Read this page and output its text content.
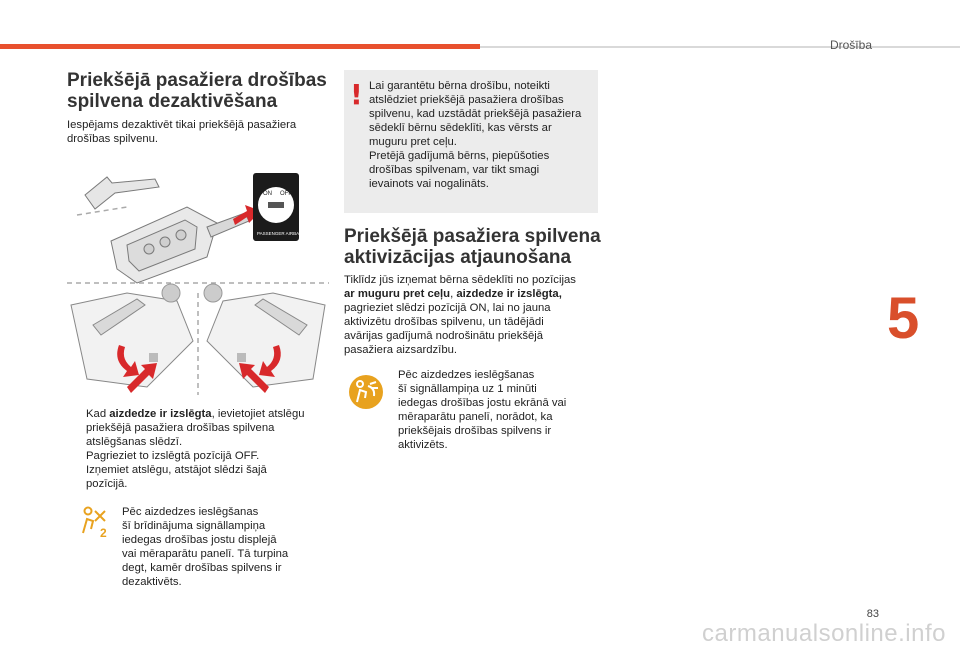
Drošība
5
83
carmanualsonline.info
Priekšējā pasažiera drošības
spilvena dezaktivēšana

Iespējams dezaktivēt tikai priekšējā pasažiera
drošības spilvenu.

ON OFF
PASSENGER AIRBAG
Kad aizdedze ir izslēgta, ievietojiet atslēgu
priekšējā pasažiera drošības spilvena
atslēgšanas slēdzī.
Pagrieziet to izslēgtā pozīcijā OFF.
Izņemiet atslēgu, atstājot slēdzi šajā
pozīcijā.
2

Pēc aizdedzes ieslēgšanas
šī brīdinājuma signāllampiņa
iedegas drošības jostu displejā
vai mēraparātu panelī. Tā turpina
degt, kamēr drošības spilvens ir
dezaktivēts.

! Lai garantētu bērna drošību, noteikti
atslēdziet priekšējā pasažiera drošības
spilvenu, kad uzstādāt priekšējā pasažiera
sēdeklī bērnu sēdeklīti, kas vērsts ar
muguru pret ceļu.
Pretējā gadījumā bērns, piepūšoties
drošības spilvenam, var tikt smagi
ievainots vai nogalināts.

Priekšējā pasažiera spilvena
aktivizācijas atjaunošana

Tiklīdz jūs izņemat bērna sēdeklīti no pozīcijas
ar muguru pret ceļu, aizdedze ir izslēgta,
pagrieziet slēdzi pozīcijā ON, lai no jauna
aktivizētu drošības spilvenu, un tādējādi
avārijas gadījumā nodrošinātu priekšējā
pasažiera aizsardzību.

Pēc aizdedzes ieslēgšanas
šī signāllampiņa uz 1 minūti
iedegas drošības jostu ekrānā vai
mēraparātu panelī, norādot, ka
priekšējais drošības spilvens ir
aktivizēts.
